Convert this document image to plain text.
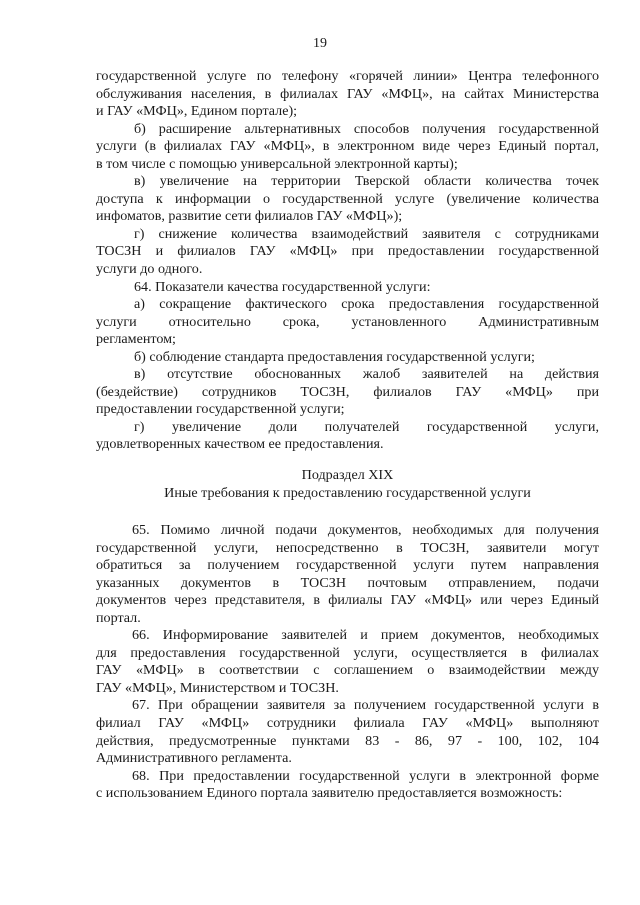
19
государственной услуге по телефону «горячей линии» Центра телефонного
обслуживания населения, в филиалах ГАУ «МФЦ», на сайтах Министерства
и ГАУ «МФЦ», Едином портале);
б) расширение альтернативных способов получения государственной
услуги (в филиалах ГАУ «МФЦ», в электронном виде через Единый портал,
в том числе с помощью универсальной электронной карты);
в) увеличение на территории Тверской области количества точек
доступа к информации о государственной услуге (увеличение количества
инфоматов, развитие сети филиалов ГАУ «МФЦ»);
г) снижение количества взаимодействий заявителя с сотрудниками
ТОСЗН и филиалов ГАУ «МФЦ» при предоставлении государственной
услуги до одного.
64. Показатели качества государственной услуги:
а) сокращение фактического срока предоставления государственной
услуги относительно срока, установленного Административным
регламентом;
б) соблюдение стандарта предоставления государственной услуги;
в) отсутствие обоснованных жалоб заявителей на действия
(бездействие) сотрудников ТОСЗН, филиалов ГАУ «МФЦ» при
предоставлении государственной услуги;
г) увеличение доли получателей государственной услуги,
удовлетворенных качеством ее предоставления.
Подраздел XIX
Иные требования к предоставлению государственной услуги
65. Помимо личной подачи документов, необходимых для получения
государственной услуги, непосредственно в ТОСЗН, заявители могут
обратиться за получением государственной услуги путем направления
указанных документов в ТОСЗН почтовым отправлением, подачи
документов через представителя, в филиалы ГАУ «МФЦ» или через Единый
портал.
66. Информирование заявителей и прием документов, необходимых
для предоставления государственной услуги, осуществляется в филиалах
ГАУ «МФЦ» в соответствии с соглашением о взаимодействии между
ГАУ «МФЦ», Министерством и ТОСЗН.
67. При обращении заявителя за получением государственной услуги в
филиал ГАУ «МФЦ» сотрудники филиала ГАУ «МФЦ» выполняют
действия, предусмотренные пунктами 83 - 86, 97 - 100, 102, 104
Административного регламента.
68. При предоставлении государственной услуги в электронной форме
с использованием Единого портала заявителю предоставляется возможность:
